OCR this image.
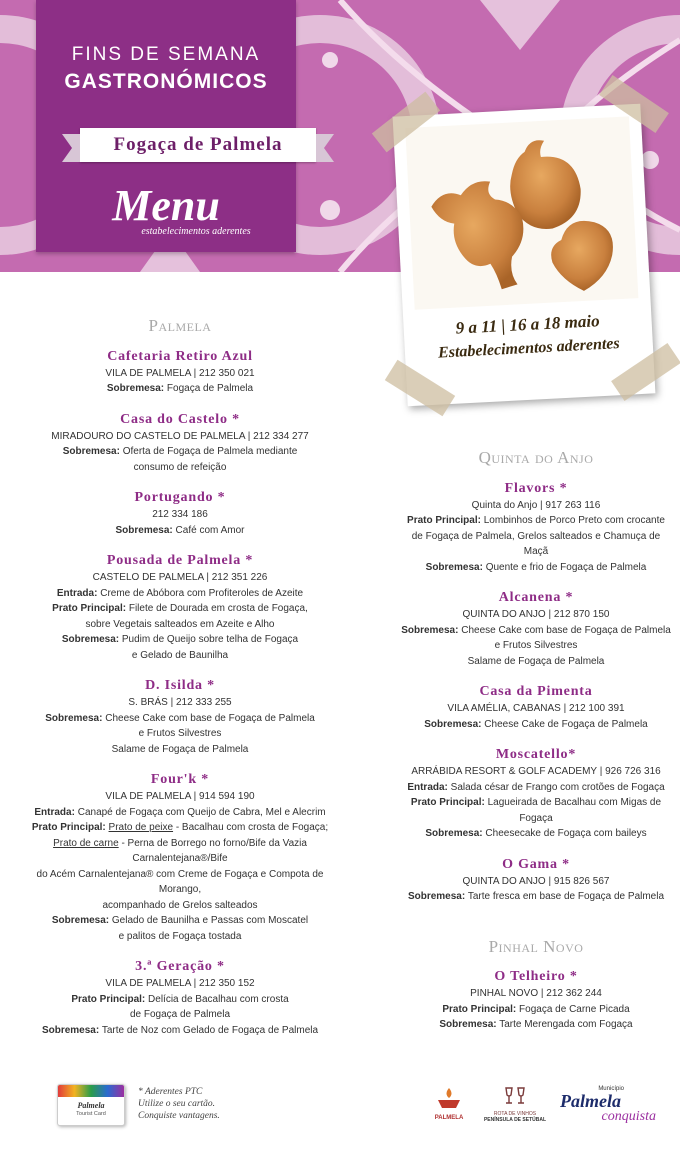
FINS DE SEMANA
GASTRONÓMICOS
Fogaça de Palmela
Menu
estabelecimentos aderentes
9 a 11 | 16 a 18 maio
Estabelecimentos aderentes
Palmela
Cafetaria Retiro Azul
VILA DE PALMELA | 212 350 021
Sobremesa: Fogaça de Palmela
Casa do Castelo *
MIRADOURO DO CASTELO DE PALMELA | 212 334 277
Sobremesa: Oferta de Fogaça de Palmela mediante
consumo de refeição
Portugando *
212 334 186
Sobremesa: Café com Amor
Pousada de Palmela *
CASTELO DE PALMELA | 212 351 226
Entrada: Creme de Abóbora com Profiteroles de Azeite
Prato Principal: Filete de Dourada em crosta de Fogaça,
sobre Vegetais salteados em Azeite e Alho
Sobremesa: Pudim de Queijo sobre telha de Fogaça
e Gelado de Baunilha
D. Isilda *
S. BRÁS | 212 333 255
Sobremesa: Cheese Cake com base de Fogaça de Palmela
e Frutos Silvestres
Salame de Fogaça de Palmela
Four'k *
VILA DE PALMELA | 914 594 190
Entrada: Canapé de Fogaça com Queijo de Cabra, Mel e Alecrim
Prato Principal: Prato de peixe - Bacalhau com crosta de Fogaça;
Prato de carne - Perna de Borrego no forno/Bife da Vazia Carnalentejana®/Bife
do Acém Carnalentejana® com Creme de Fogaça e Compota de Morango,
acompanhado de Grelos salteados
Sobremesa: Gelado de Baunilha e Passas com Moscatel
e palitos de Fogaça tostada
3.ª Geração *
VILA DE PALMELA | 212 350 152
Prato Principal: Delícia de Bacalhau com crosta
de Fogaça de Palmela
Sobremesa: Tarte de Noz com Gelado de Fogaça de Palmela
Quinta do Anjo
Flavors *
Quinta do Anjo | 917 263 116
Prato Principal: Lombinhos de Porco Preto com crocante
de Fogaça de Palmela, Grelos salteados e Chamuça de Maçã
Sobremesa: Quente e frio de Fogaça de Palmela
Alcanena *
QUINTA DO ANJO | 212 870 150
Sobremesa: Cheese Cake com base de Fogaça de Palmela
e Frutos Silvestres
Salame de Fogaça de Palmela
Casa da Pimenta
VILA AMÉLIA, CABANAS | 212 100 391
Sobremesa: Cheese Cake de Fogaça de Palmela
Moscatello*
ARRÁBIDA RESORT & GOLF ACADEMY | 926 726 316
Entrada: Salada césar de Frango com crotões de Fogaça
Prato Principal: Lagueirada de Bacalhau com Migas de Fogaça
Sobremesa: Cheesecake de Fogaça com baileys
O Gama *
QUINTA DO ANJO | 915 826 567
Sobremesa: Tarte fresca em base de Fogaça de Palmela
Pinhal Novo
O Telheiro *
PINHAL NOVO | 212 362 244
Prato Principal: Fogaça de Carne Picada
Sobremesa: Tarte Merengada com Fogaça
Palmela
Tourist Card
* Aderentes PTC
Utilize o seu cartão.
Conquiste vantagens.	PALMELA
ROTA DE VINHOS
PENÍNSULA DE SETÚBAL
Município
Palmela
conquista
